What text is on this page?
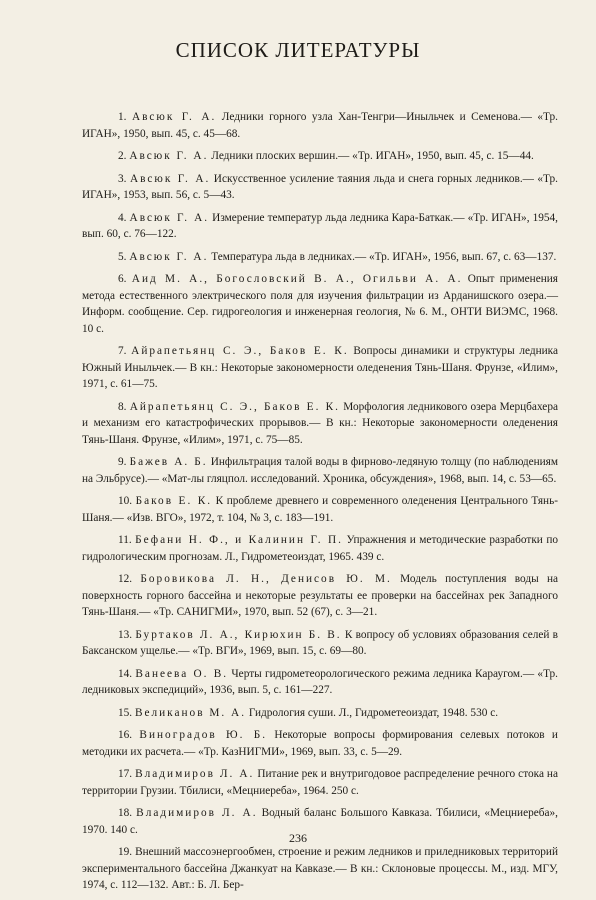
СПИСОК ЛИТЕРАТУРЫ

1. Авсюк Г. А. Ледники горного узла Хан-Тенгри—Иныльчек и Семенова.— «Тр. ИГАН», 1950, вып. 45, с. 45—68.

2. Авсюк Г. А. Ледники плоских вершин.— «Тр. ИГАН», 1950, вып. 45, с. 15—44.

3. Авсюк Г. А. Искусственное усиление таяния льда и снега горных ледников.— «Тр. ИГАН», 1953, вып. 56, с. 5—43.

4. Авсюк Г. А. Измерение температур льда ледника Кара-Баткак.— «Тр. ИГАН», 1954, вып. 60, с. 76—122.

5. Авсюк Г. А. Температура льда в ледниках.— «Тр. ИГАН», 1956, вып. 67, с. 63—137.

6. Аид М. А., Богословский В. А., Огильви А. А. Опыт применения метода естественного электрического поля для изучения фильтрации из Арданишского озера.— Информ. сообщение. Сер. гидрогеология и инженерная геология, № 6. М., ОНТИ ВИЭМС, 1968. 10 с.

7. Айрапетьянц С. Э., Баков Е. К. Вопросы динамики и структуры ледника Южный Иныльчек.— В кн.: Некоторые закономерности оледенения Тянь-Шаня. Фрунзе, «Илим», 1971, с. 61—75.

8. Айрапетьянц С. Э., Баков Е. К. Морфология ледникового озера Мерцбахера и механизм его катастрофических прорывов.— В кн.: Некоторые закономерности оледенения Тянь-Шаня. Фрунзе, «Илим», 1971, с. 75—85.

9. Бажев А. Б. Инфильтрация талой воды в фирново-ледяную толщу (по наблюдениям на Эльбрусе).— «Мат-лы гляцпол. исследований. Хроника, обсуждения», 1968, вып. 14, с. 53—65.

10. Баков Е. К. К проблеме древнего и современного оледенения Центрального Тянь-Шаня.— «Изв. ВГО», 1972, т. 104, № 3, с. 183—191.

11. Бефани Н. Ф., и Калинин Г. П. Упражнения и методические разработки по гидрологическим прогнозам. Л., Гидрометеоиздат, 1965. 439 с.

12. Боровикова Л. Н., Денисов Ю. М. Модель поступления воды на поверхность горного бассейна и некоторые результаты ее проверки на бассейнах рек Западного Тянь-Шаня.— «Тр. САНИГМИ», 1970, вып. 52 (67), с. 3—21.

13. Буртаков Л. А., Кирюхин Б. В. К вопросу об условиях образования селей в Баксанском ущелье.— «Тр. ВГИ», 1969, вып. 15, с. 69—80.

14. Ванеева О. В. Черты гидрометеорологического режима ледника Караугом.— «Тр. ледниковых экспедиций», 1936, вып. 5, с. 161—227.

15. Великанов М. А. Гидрология суши. Л., Гидрометеоиздат, 1948. 530 с.

16. Виноградов Ю. Б. Некоторые вопросы формирования селевых потоков и методики их расчета.— «Тр. КазНИГМИ», 1969, вып. 33, с. 5—29.

17. Владимиров Л. А. Питание рек и внутригодовое распределение речного стока на территории Грузии. Тбилиси, «Мецниереба», 1964. 250 с.

18. Владимиров Л. А. Водный баланс Большого Кавказа. Тбилиси, «Мецниереба», 1970. 140 с.

19. Внешний массоэнергообмен, строение и режим ледников и приледниковых территорий экспериментального бассейна Джанкуат на Кавказе.— В кн.: Склоновые процессы. М., изд. МГУ, 1974, с. 112—132. Авт.: Б. Л. Бер-

236
